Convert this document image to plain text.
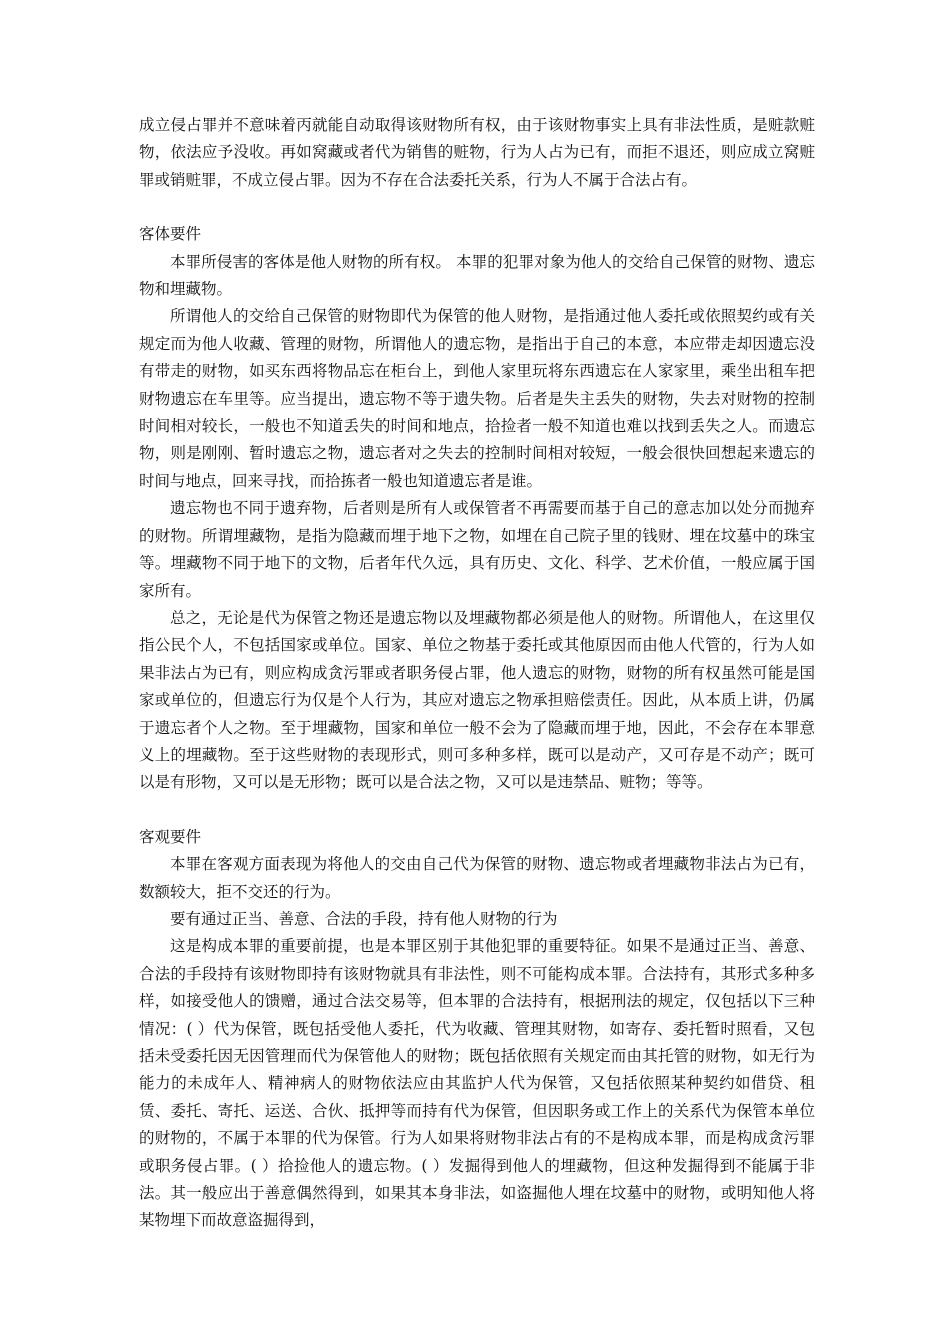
成立侵占罪并不意味着丙就能自动取得该财物所有权，由于该财物事实上具有非法性质，是赃款赃物，依法应予没收。再如窝藏或者代为销售的赃物，行为人占为已有，而拒不退还，则应成立窝赃罪或销赃罪，不成立侵占罪。因为不存在合法委托关系，行为人不属于合法占有。

客体要件

本罪所侵害的客体是他人财物的所有权。 本罪的犯罪对象为他人的交给自己保管的财物、遗忘物和埋藏物。

所谓他人的交给自己保管的财物即代为保管的他人财物，是指通过他人委托或依照契约或有关规定而为他人收藏、管理的财物，所谓他人的遗忘物，是指出于自己的本意，本应带走却因遗忘没有带走的财物，如买东西将物品忘在柜台上，到他人家里玩将东西遗忘在人家家里，乘坐出租车把财物遗忘在车里等。应当提出，遗忘物不等于遗失物。后者是失主丢失的财物，失去对财物的控制时间相对较长，一般也不知道丢失的时间和地点，拾捡者一般不知道也难以找到丢失之人。而遗忘物，则是刚刚、暂时遗忘之物，遗忘者对之失去的控制时间相对较短，一般会很快回想起来遗忘的时间与地点，回来寻找，而拾拣者一般也知道遗忘者是谁。

遗忘物也不同于遗弃物，后者则是所有人或保管者不再需要而基于自己的意志加以处分而抛弃的财物。所谓埋藏物，是指为隐藏而埋于地下之物，如埋在自己院子里的钱财、埋在坟墓中的珠宝等。埋藏物不同于地下的文物，后者年代久远，具有历史、文化、科学、艺术价值，一般应属于国家所有。

总之，无论是代为保管之物还是遗忘物以及埋藏物都必须是他人的财物。所谓他人，在这里仅指公民个人，不包括国家或单位。国家、单位之物基于委托或其他原因而由他人代管的，行为人如果非法占为已有，则应构成贪污罪或者职务侵占罪，他人遗忘的财物，财物的所有权虽然可能是国家或单位的，但遗忘行为仅是个人行为，其应对遗忘之物承担赔偿责任。因此，从本质上讲，仍属于遗忘者个人之物。至于埋藏物，国家和单位一般不会为了隐藏而埋于地，因此，不会存在本罪意义上的埋藏物。至于这些财物的表现形式，则可多种多样，既可以是动产，又可存是不动产；既可以是有形物，又可以是无形物；既可以是合法之物，又可以是违禁品、赃物；等等。

客观要件

本罪在客观方面表现为将他人的交由自己代为保管的财物、遗忘物或者埋藏物非法占为已有，数额较大，拒不交还的行为。

要有通过正当、善意、合法的手段，持有他人财物的行为

这是构成本罪的重要前提，也是本罪区别于其他犯罪的重要特征。如果不是通过正当、善意、合法的手段持有该财物即持有该财物就具有非法性，则不可能构成本罪。合法持有，其形式多种多样，如接受他人的馈赠，通过合法交易等，但本罪的合法持有，根据刑法的规定，仅包括以下三种情况：( ）代为保管，既包括受他人委托，代为收藏、管理其财物，如寄存、委托暂时照看，又包括未受委托因无因管理而代为保管他人的财物；既包括依照有关规定而由其托管的财物，如无行为能力的未成年人、精神病人的财物依法应由其监护人代为保管，又包括依照某种契约如借贷、租赁、委托、寄托、运送、合伙、抵押等而持有代为保管，但因职务或工作上的关系代为保管本单位的财物的，不属于本罪的代为保管。行为人如果将财物非法占有的不是构成本罪，而是构成贪污罪或职务侵占罪。( ）拾捡他人的遗忘物。( ）发掘得到他人的埋藏物，但这种发掘得到不能属于非法。其一般应出于善意偶然得到，如果其本身非法，如盗掘他人埋在坟墓中的财物，或明知他人将某物埋下而故意盗掘得到，
